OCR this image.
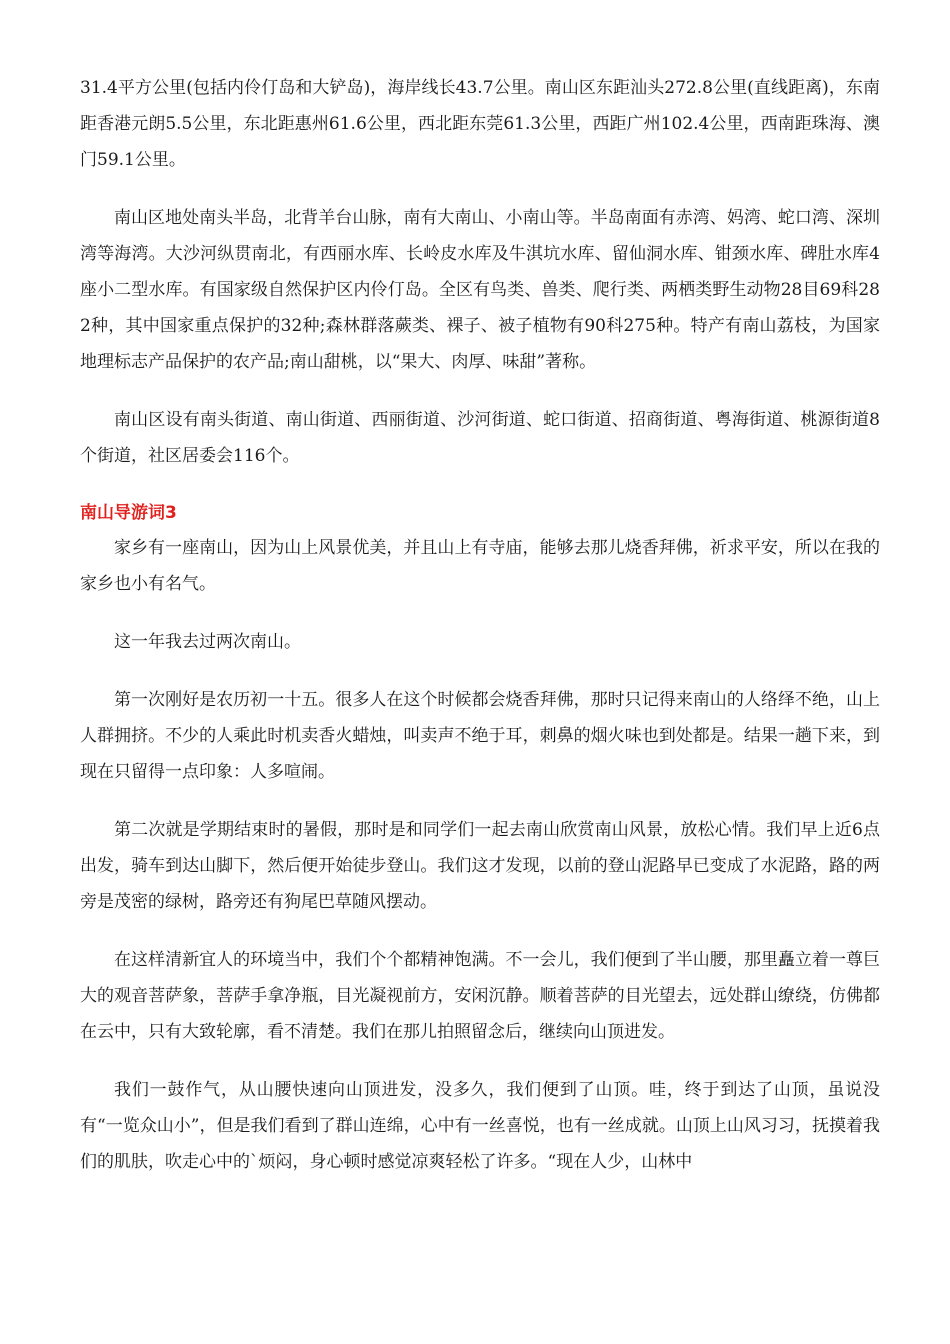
31.4平方公里(包括内伶仃岛和大铲岛)，海岸线长43.7公里。南山区东距汕头272.8公里(直线距离)，东南距香港元朗5.5公里，东北距惠州61.6公里，西北距东莞61.3公里，西距广州102.4公里，西南距珠海、澳门59.1公里。

南山区地处南头半岛，北背羊台山脉，南有大南山、小南山等。半岛南面有赤湾、妈湾、蛇口湾、深圳湾等海湾。大沙河纵贯南北，有西丽水库、长岭皮水库及牛淇坑水库、留仙洞水库、钳颈水库、碑肚水库4座小二型水库。有国家级自然保护区内伶仃岛。全区有鸟类、兽类、爬行类、两栖类野生动物28目69科282种，其中国家重点保护的32种;森林群落蕨类、裸子、被子植物有90科275种。特产有南山荔枝，为国家地理标志产品保护的农产品;南山甜桃，以“果大、肉厚、味甜”著称。

南山区设有南头街道、南山街道、西丽街道、沙河街道、蛇口街道、招商街道、粤海街道、桃源街道8个街道，社区居委会116个。

南山导游词3

家乡有一座南山，因为山上风景优美，并且山上有寺庙，能够去那儿烧香拜佛，祈求平安，所以在我的家乡也小有名气。

这一年我去过两次南山。

第一次刚好是农历初一十五。很多人在这个时候都会烧香拜佛，那时只记得来南山的人络绎不绝，山上人群拥挤。不少的人乘此时机卖香火蜡烛，叫卖声不绝于耳，刺鼻的烟火味也到处都是。结果一趟下来，到现在只留得一点印象：人多喧闹。

第二次就是学期结束时的暑假，那时是和同学们一起去南山欣赏南山风景，放松心情。我们早上近6点出发，骑车到达山脚下，然后便开始徒步登山。我们这才发现，以前的登山泥路早已变成了水泥路，路的两旁是茂密的绿树，路旁还有狗尾巴草随风摆动。

在这样清新宜人的环境当中，我们个个都精神饱满。不一会儿，我们便到了半山腰，那里矗立着一尊巨大的观音菩萨象，菩萨手拿净瓶，目光凝视前方，安闲沉静。顺着菩萨的目光望去，远处群山缭绕，仿佛都在云中，只有大致轮廓，看不清楚。我们在那儿拍照留念后，继续向山顶进发。

我们一鼓作气，从山腰快速向山顶进发，没多久，我们便到了山顶。哇，终于到达了山顶，虽说没有“一览众山小”，但是我们看到了群山连绵，心中有一丝喜悦，也有一丝成就。山顶上山风习习，抚摸着我们的肌肤，吹走心中的`烦闷，身心顿时感觉凉爽轻松了许多。“现在人少，山林中
